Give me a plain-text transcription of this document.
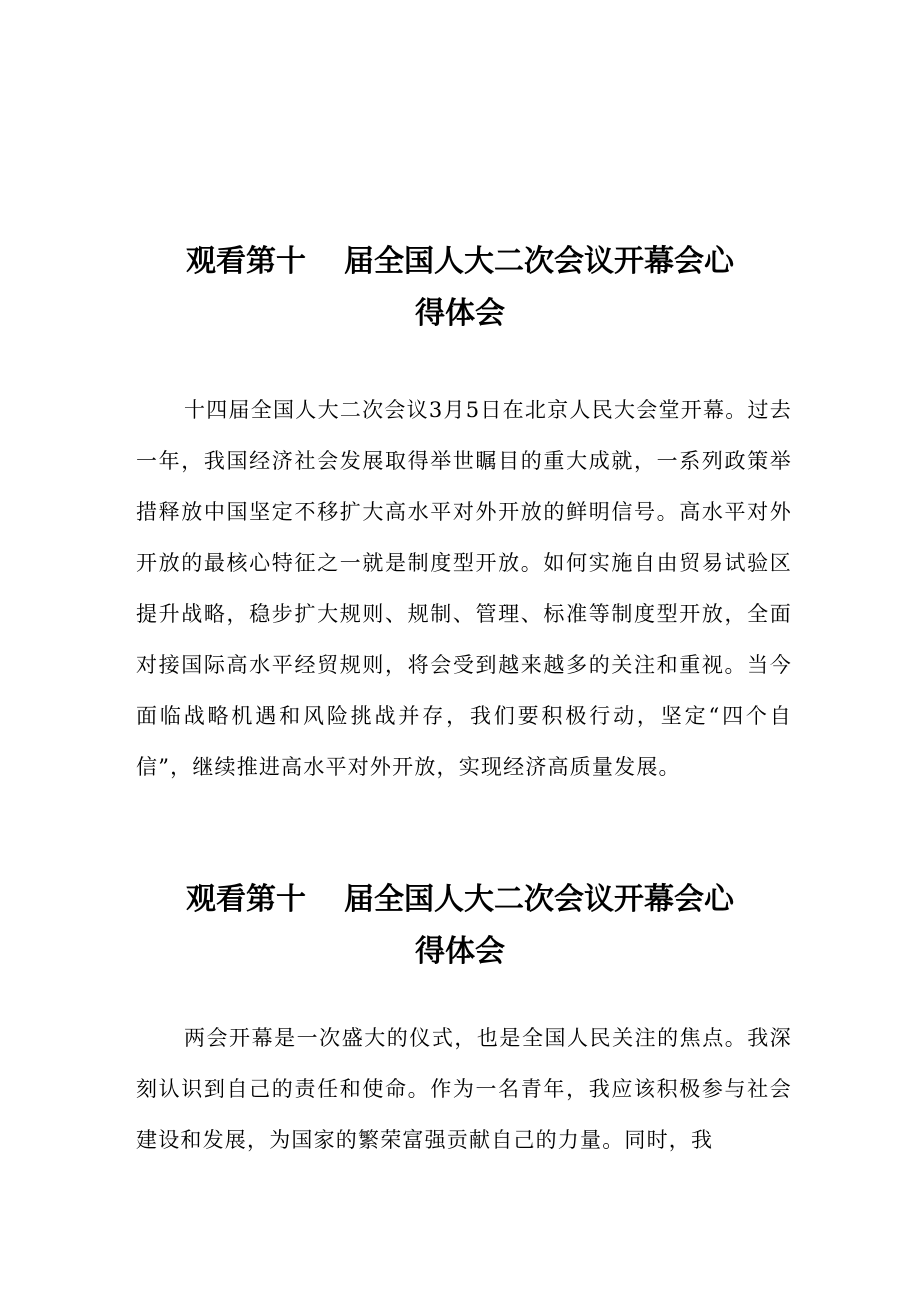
观看第十 届全国人大二次会议开幕会心
得体会

十四届全国人大二次会议3月5日在北京人民大会堂开幕。过去一年，我国经济社会发展取得举世瞩目的重大成就，一系列政策举措释放中国坚定不移扩大高水平对外开放的鲜明信号。高水平对外开放的最核心特征之一就是制度型开放。如何实施自由贸易试验区提升战略，稳步扩大规则、规制、管理、标准等制度型开放，全面对接国际高水平经贸规则，将会受到越来越多的关注和重视。当今面临战略机遇和风险挑战并存，我们要积极行动，坚定“四个自信”，继续推进高水平对外开放，实现经济高质量发展。

观看第十 届全国人大二次会议开幕会心
得体会

两会开幕是一次盛大的仪式，也是全国人民关注的焦点。我深刻认识到自己的责任和使命。作为一名青年，我应该积极参与社会建设和发展，为国家的繁荣富强贡献自己的力量。同时，我
